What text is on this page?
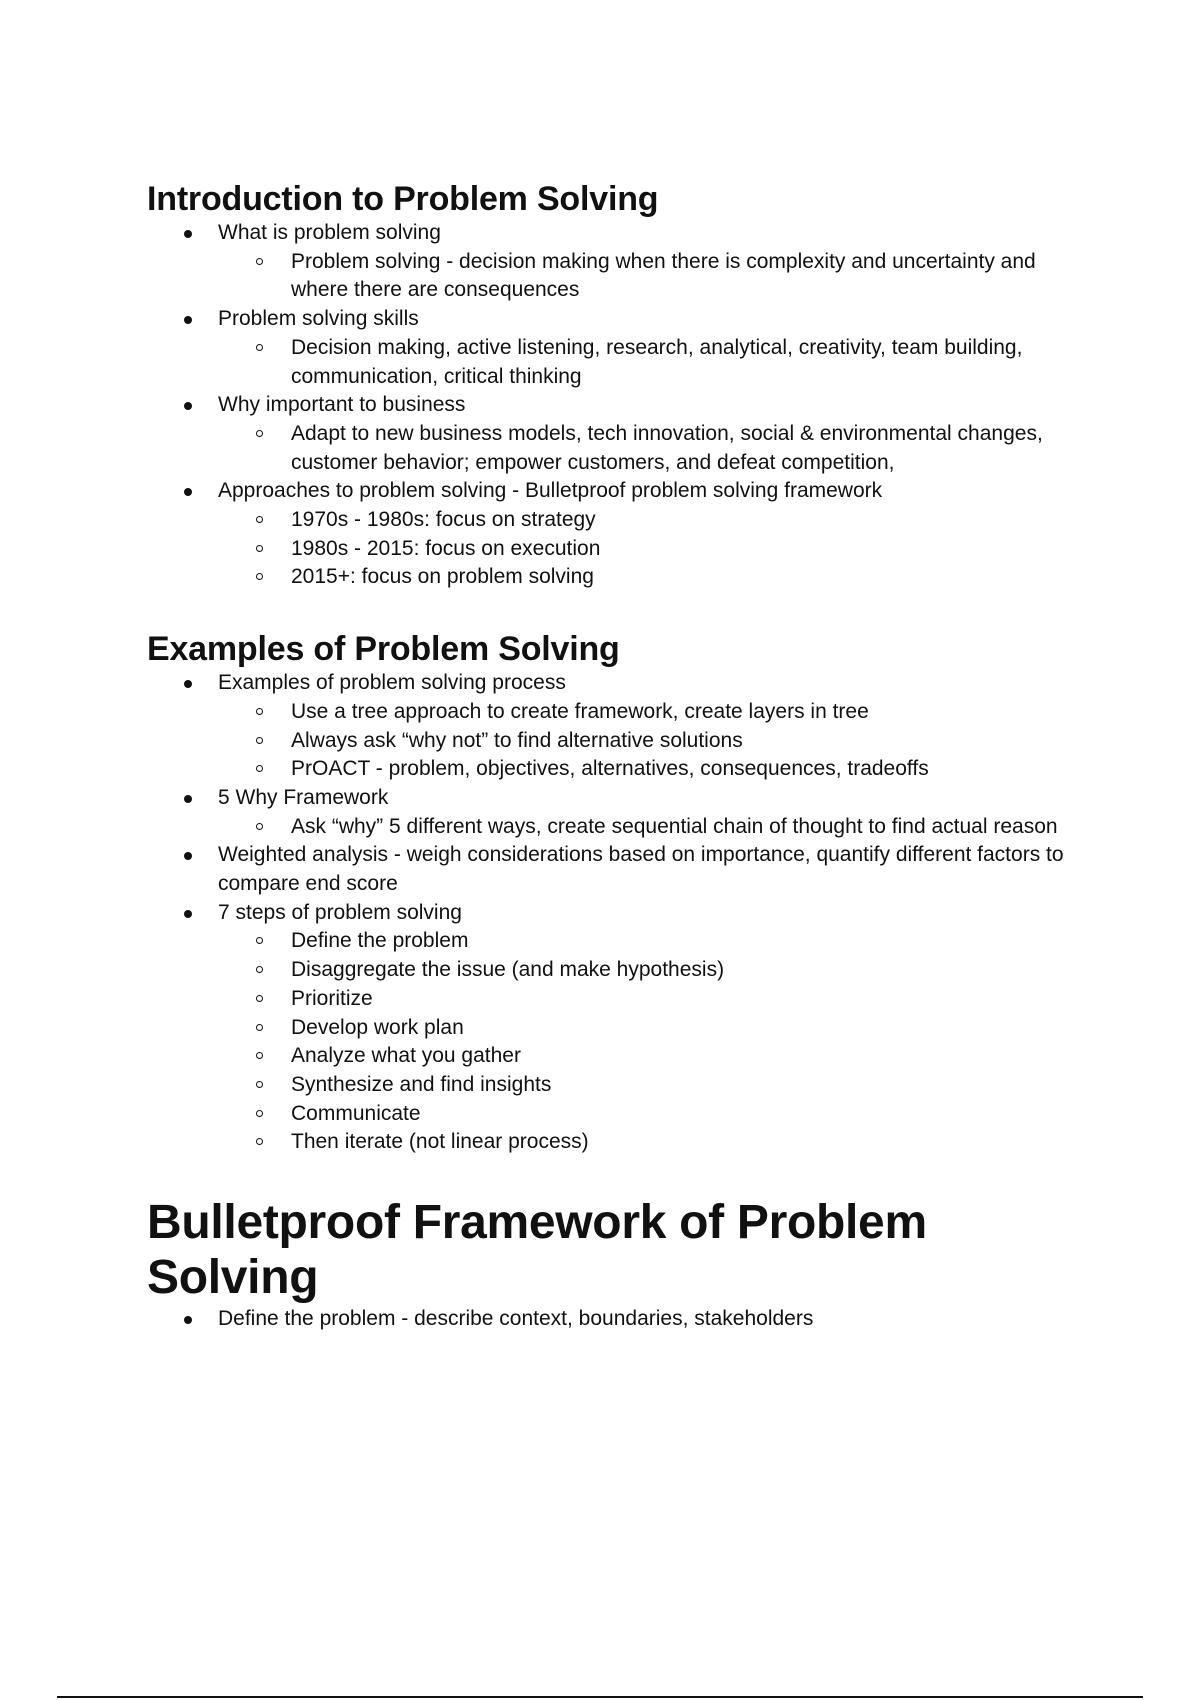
Introduction to Problem Solving
What is problem solving
Problem solving - decision making when there is complexity and uncertainty and where there are consequences
Problem solving skills
Decision making, active listening, research, analytical, creativity, team building, communication, critical thinking
Why important to business
Adapt to new business models, tech innovation, social & environmental changes, customer behavior; empower customers, and defeat competition,
Approaches to problem solving - Bulletproof problem solving framework
1970s - 1980s: focus on strategy
1980s - 2015: focus on execution
2015+: focus on problem solving
Examples of Problem Solving
Examples of problem solving process
Use a tree approach to create framework, create layers in tree
Always ask “why not” to find alternative solutions
PrOACT - problem, objectives, alternatives, consequences, tradeoffs
5 Why Framework
Ask “why” 5 different ways, create sequential chain of thought to find actual reason
Weighted analysis - weigh considerations based on importance, quantify different factors to compare end score
7 steps of problem solving
Define the problem
Disaggregate the issue (and make hypothesis)
Prioritize
Develop work plan
Analyze what you gather
Synthesize and find insights
Communicate
Then iterate (not linear process)
Bulletproof Framework of Problem Solving
Define the problem - describe context, boundaries, stakeholders
